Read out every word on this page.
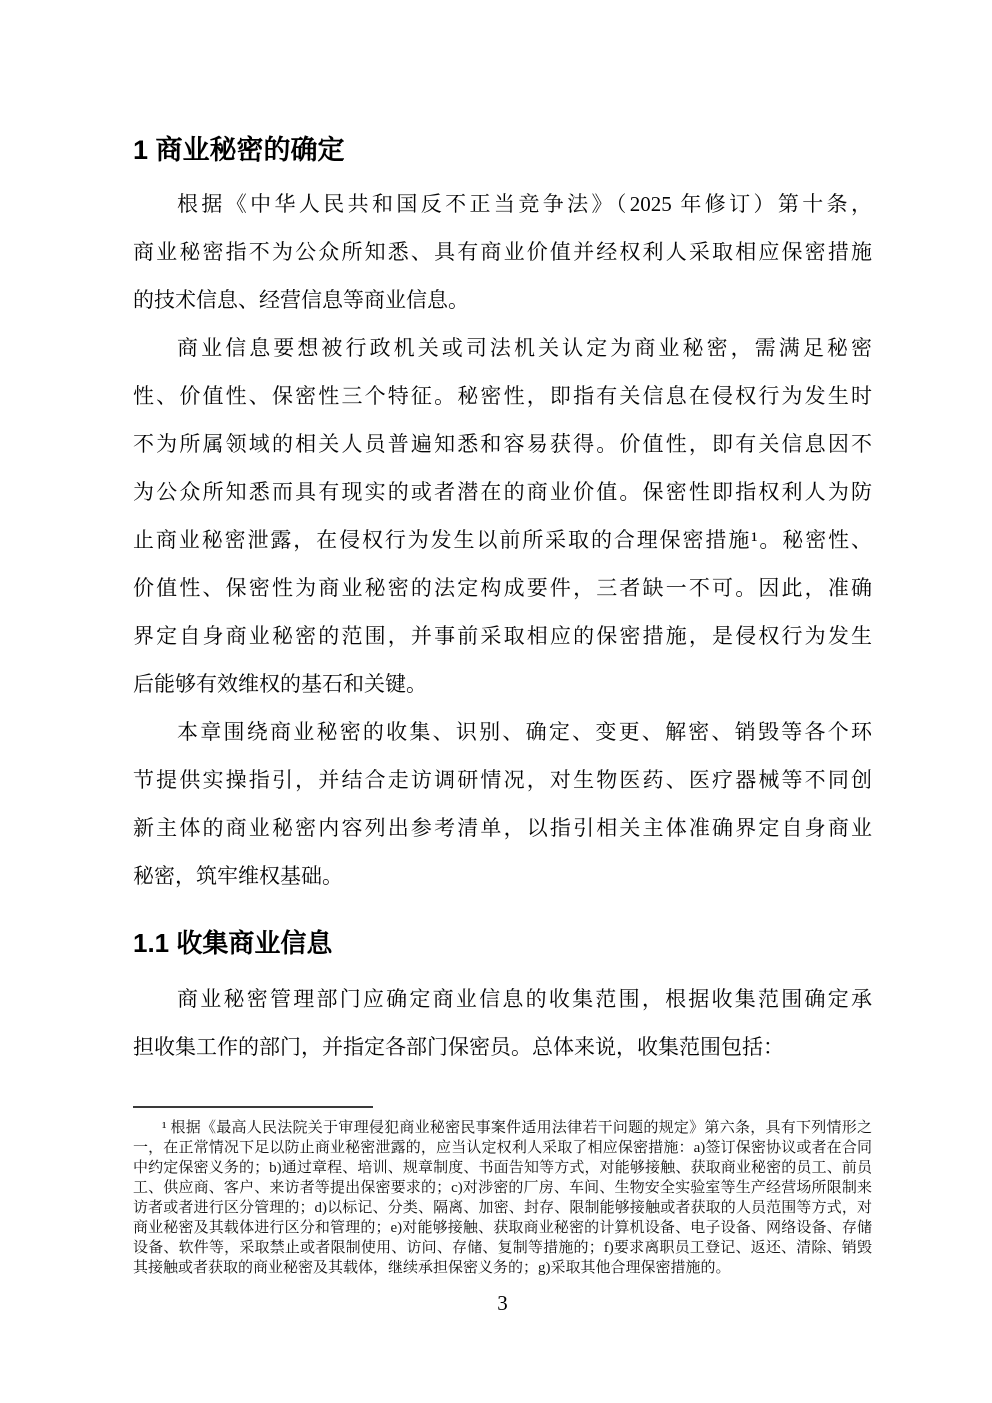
1 商业秘密的确定
根据《中华人民共和国反不正当竞争法》（2025 年修订）第十条，
商业秘密指不为公众所知悉、具有商业价值并经权利人采取相应保密措施
的技术信息、经营信息等商业信息。
商业信息要想被行政机关或司法机关认定为商业秘密，需满足秘密
性、价值性、保密性三个特征。秘密性，即指有关信息在侵权行为发生时
不为所属领域的相关人员普遍知悉和容易获得。价值性，即有关信息因不
为公众所知悉而具有现实的或者潜在的商业价值。保密性即指权利人为防
止商业秘密泄露，在侵权行为发生以前所采取的合理保密措施¹。秘密性、
价值性、保密性为商业秘密的法定构成要件，三者缺一不可。因此，准确
界定自身商业秘密的范围，并事前采取相应的保密措施，是侵权行为发生
后能够有效维权的基石和关键。
本章围绕商业秘密的收集、识别、确定、变更、解密、销毁等各个环
节提供实操指引，并结合走访调研情况，对生物医药、医疗器械等不同创
新主体的商业秘密内容列出参考清单，以指引相关主体准确界定自身商业
秘密，筑牢维权基础。
1.1 收集商业信息
商业秘密管理部门应确定商业信息的收集范围，根据收集范围确定承
担收集工作的部门，并指定各部门保密员。总体来说，收集范围包括：
¹ 根据《最高人民法院关于审理侵犯商业秘密民事案件适用法律若干问题的规定》第六条，具有下列情形之
一，在正常情况下足以防止商业秘密泄露的，应当认定权利人采取了相应保密措施：a)签订保密协议或者在合同
中约定保密义务的；b)通过章程、培训、规章制度、书面告知等方式，对能够接触、获取商业秘密的员工、前员
工、供应商、客户、来访者等提出保密要求的；c)对涉密的厂房、车间、生物安全实验室等生产经营场所限制来
访者或者进行区分管理的；d)以标记、分类、隔离、加密、封存、限制能够接触或者获取的人员范围等方式，对
商业秘密及其载体进行区分和管理的；e)对能够接触、获取商业秘密的计算机设备、电子设备、网络设备、存储
设备、软件等，采取禁止或者限制使用、访问、存储、复制等措施的；f)要求离职员工登记、返还、清除、销毁
其接触或者获取的商业秘密及其载体，继续承担保密义务的；g)采取其他合理保密措施的。
3
